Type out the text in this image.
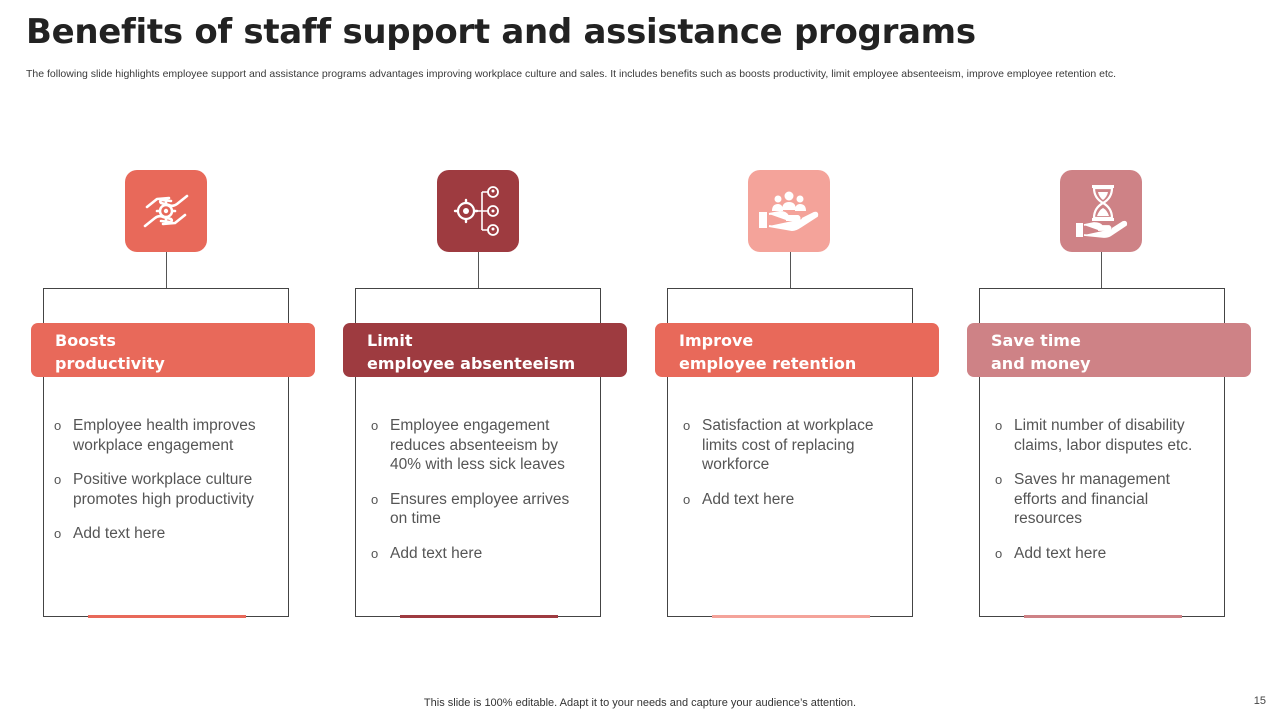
Benefits of staff support and assistance programs

The following slide highlights employee support and assistance programs advantages improving workplace culture and sales. It includes benefits such as boosts productivity, limit employee absenteeism, improve employee retention etc.

Boosts
productivity
o Employee health improves workplace engagement
o Positive workplace culture promotes high productivity
o Add text here
Limit
employee absenteeism
o Employee engagement reduces absenteeism by 40% with less sick leaves
o Ensures employee arrives on time
o Add text here
Improve
employee retention
o Satisfaction at workplace limits cost of replacing workforce
o Add text here
Save time
and money
o Limit number of disability claims, labor disputes etc.
o Saves hr management efforts and financial resources
o Add text here
This slide is 100% editable. Adapt it to your needs and capture your audience’s attention.	15
